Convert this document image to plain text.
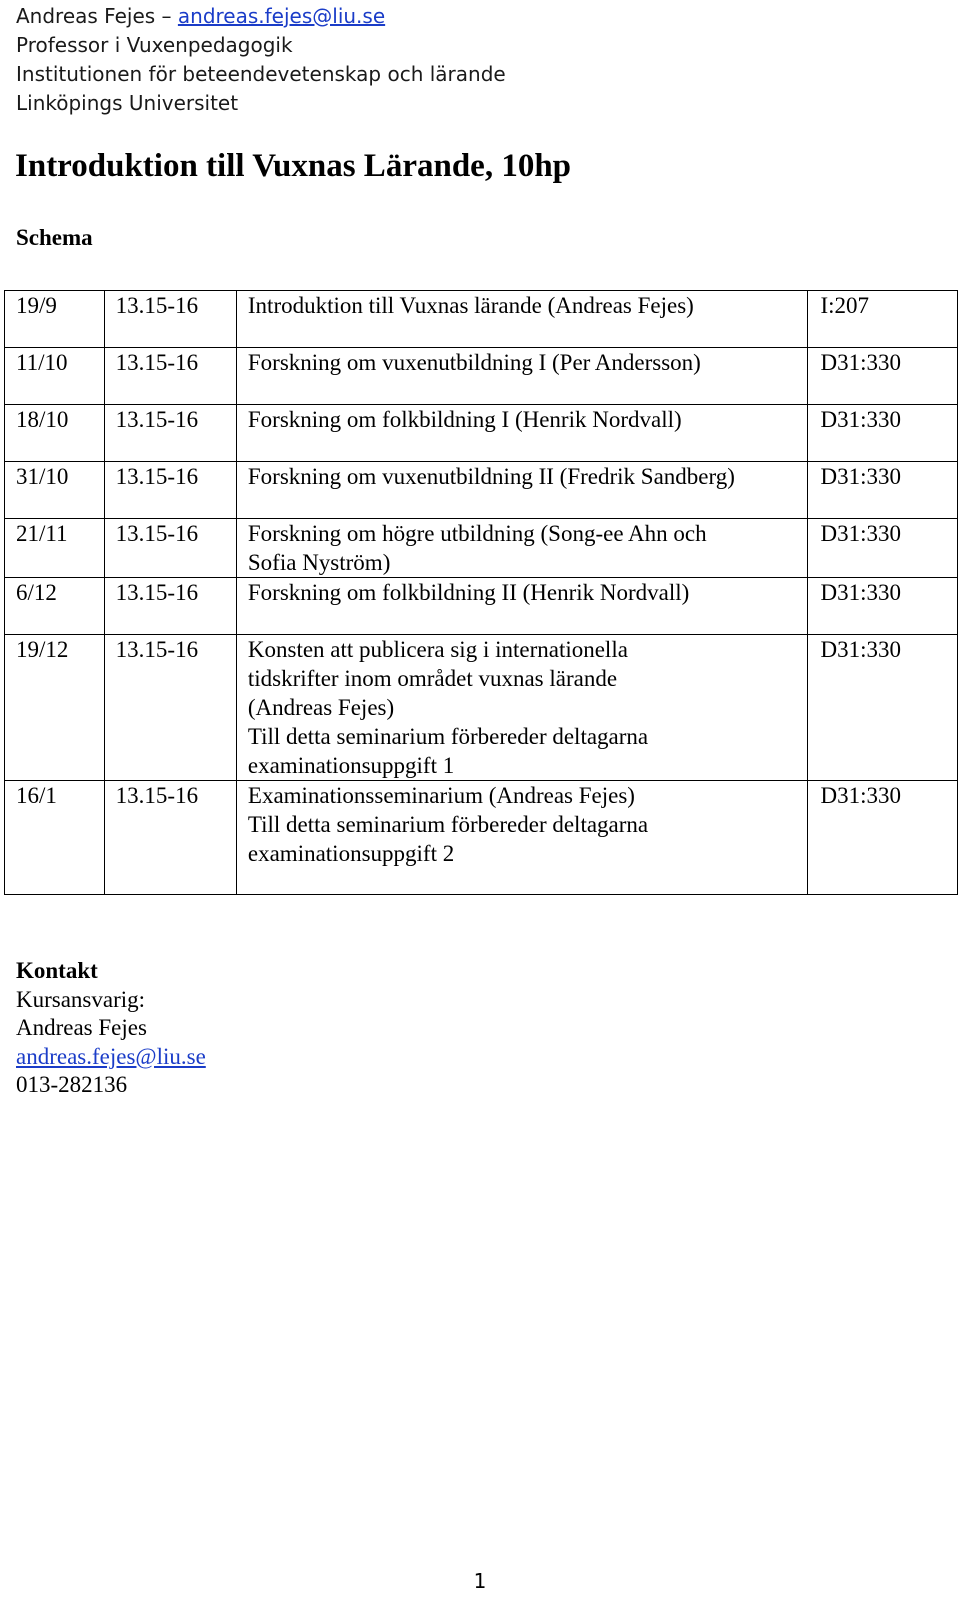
Andreas Fejes – andreas.fejes@liu.se
Professor i Vuxenpedagogik
Institutionen för beteendevetenskap och lärande
Linköpings Universitet
Introduktion till Vuxnas Lärande, 10hp
Schema
19/9	13.15-16	Introduktion till Vuxnas lärande (Andreas Fejes)	I:207
11/10	13.15-16	Forskning om vuxenutbildning I (Per Andersson)	D31:330
18/10	13.15-16	Forskning om folkbildning I (Henrik Nordvall)	D31:330
31/10	13.15-16	Forskning om vuxenutbildning II (Fredrik Sandberg)	D31:330
21/11	13.15-16	Forskning om högre utbildning (Song-ee Ahn och
Sofia Nyström)	D31:330
6/12	13.15-16	Forskning om folkbildning II (Henrik Nordvall)	D31:330
19/12	13.15-16	Konsten att publicera sig i internationella
tidskrifter inom området vuxnas lärande
(Andreas Fejes)
Till detta seminarium förbereder deltagarna
examinationsuppgift 1	D31:330
16/1	13.15-16	Examinationsseminarium (Andreas Fejes)
Till detta seminarium förbereder deltagarna
examinationsuppgift 2	D31:330
Kontakt
Kursansvarig:
Andreas Fejes
andreas.fejes@liu.se
013-282136
1
